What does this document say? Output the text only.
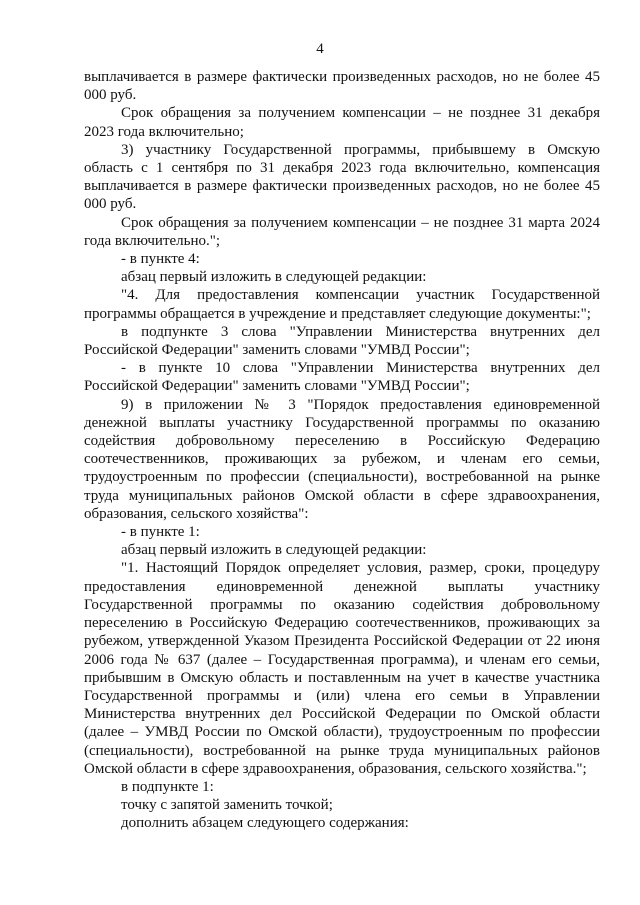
4

выплачивается в размере фактически произведенных расходов, но не более 45 000 руб.

Срок обращения за получением компенсации – не позднее 31 декабря 2023 года включительно;

3) участнику Государственной программы, прибывшему в Омскую область с 1 сентября по 31 декабря 2023 года включительно, компенсация выплачивается в размере фактически произведенных расходов, но не более 45 000 руб.

Срок обращения за получением компенсации – не позднее 31 марта 2024 года включительно.";

- в пункте 4:

абзац первый изложить в следующей редакции:

"4. Для предоставления компенсации участник Государственной программы обращается в учреждение и представляет следующие документы:";

в подпункте 3 слова "Управлении Министерства внутренних дел Российской Федерации" заменить словами "УМВД России";

- в пункте 10 слова "Управлении Министерства внутренних дел Российской Федерации" заменить словами "УМВД России";

9) в приложении № 3 "Порядок предоставления единовременной денежной выплаты участнику Государственной программы по оказанию содействия добровольному переселению в Российскую Федерацию соотечественников, проживающих за рубежом, и членам его семьи, трудоустроенным по профессии (специальности), востребованной на рынке труда муниципальных районов Омской области в сфере здравоохранения, образования, сельского хозяйства":

- в пункте 1:

абзац первый изложить в следующей редакции:

"1. Настоящий Порядок определяет условия, размер, сроки, процедуру предоставления единовременной денежной выплаты участнику Государственной программы по оказанию содействия добровольному переселению в Российскую Федерацию соотечественников, проживающих за рубежом, утвержденной Указом Президента Российской Федерации от 22 июня 2006 года № 637 (далее – Государственная программа), и членам его семьи, прибывшим в Омскую область и поставленным на учет в качестве участника Государственной программы и (или) члена его семьи в Управлении Министерства внутренних дел Российской Федерации по Омской области (далее – УМВД России по Омской области), трудоустроенным по профессии (специальности), востребованной на рынке труда муниципальных районов Омской области в сфере здравоохранения, образования, сельского хозяйства.";

в подпункте 1:

точку с запятой заменить точкой;

дополнить абзацем следующего содержания:
